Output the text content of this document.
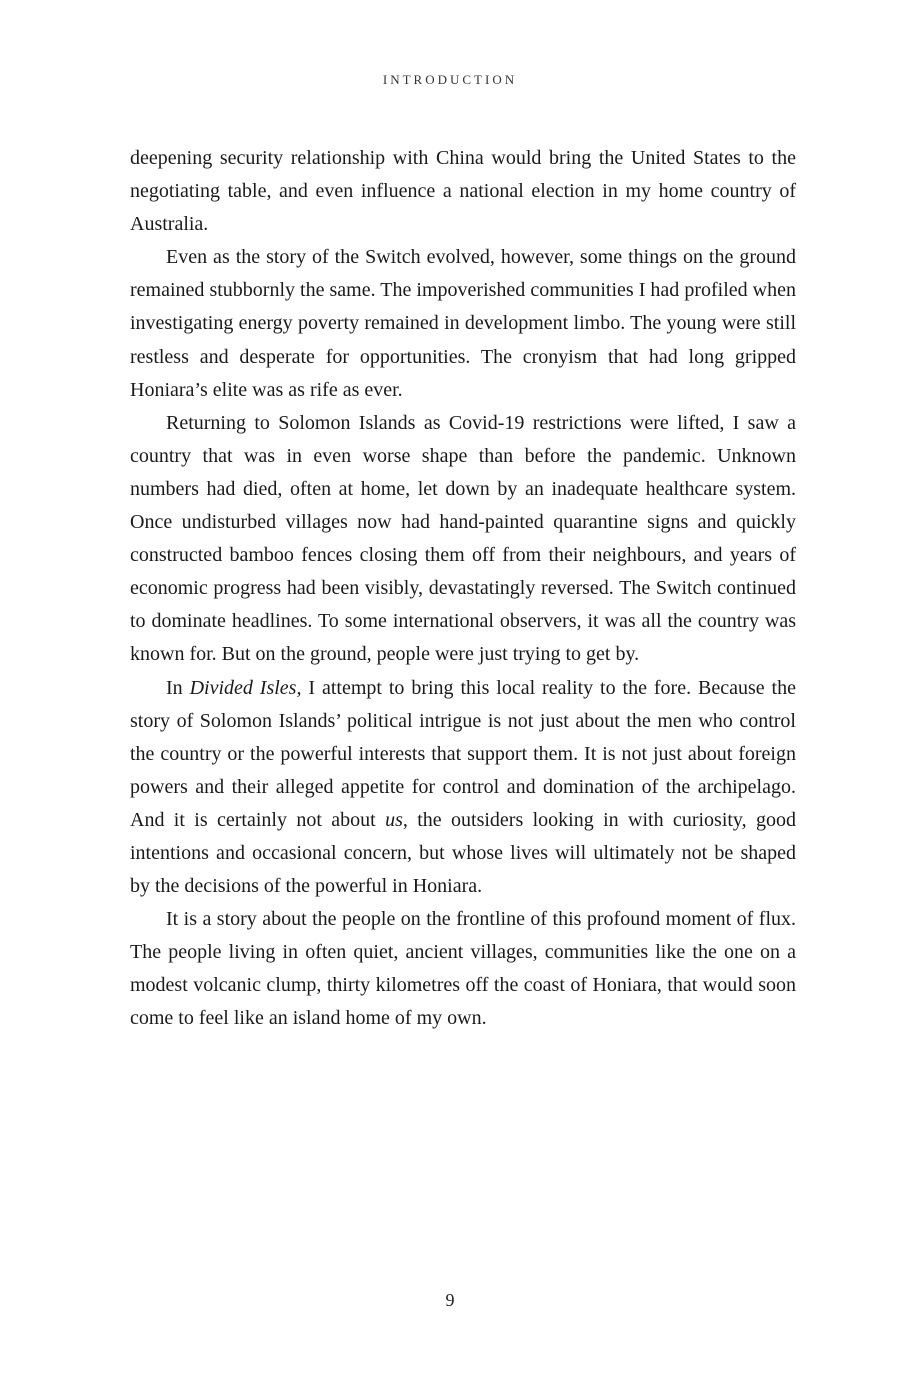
INTRODUCTION

deepening security relationship with China would bring the United States to the negotiating table, and even influence a national election in my home country of Australia.

Even as the story of the Switch evolved, however, some things on the ground remained stubbornly the same. The impoverished communities I had profiled when investigating energy poverty remained in development limbo. The young were still restless and desperate for opportunities. The cronyism that had long gripped Honiara’s elite was as rife as ever.

Returning to Solomon Islands as Covid-19 restrictions were lifted, I saw a country that was in even worse shape than before the pandemic. Unknown numbers had died, often at home, let down by an inadequate healthcare system. Once undisturbed villages now had hand-painted quarantine signs and quickly constructed bamboo fences closing them off from their neighbours, and years of economic progress had been visibly, devastatingly reversed. The Switch continued to dominate headlines. To some international observers, it was all the country was known for. But on the ground, people were just trying to get by.

In Divided Isles, I attempt to bring this local reality to the fore. Because the story of Solomon Islands’ political intrigue is not just about the men who control the country or the powerful interests that support them. It is not just about foreign powers and their alleged appetite for control and domination of the archipelago. And it is certainly not about us, the outsiders looking in with curiosity, good intentions and occasional concern, but whose lives will ultimately not be shaped by the decisions of the powerful in Honiara.

It is a story about the people on the frontline of this profound moment of flux. The people living in often quiet, ancient villages, communities like the one on a modest volcanic clump, thirty kilometres off the coast of Honiara, that would soon come to feel like an island home of my own.

9
